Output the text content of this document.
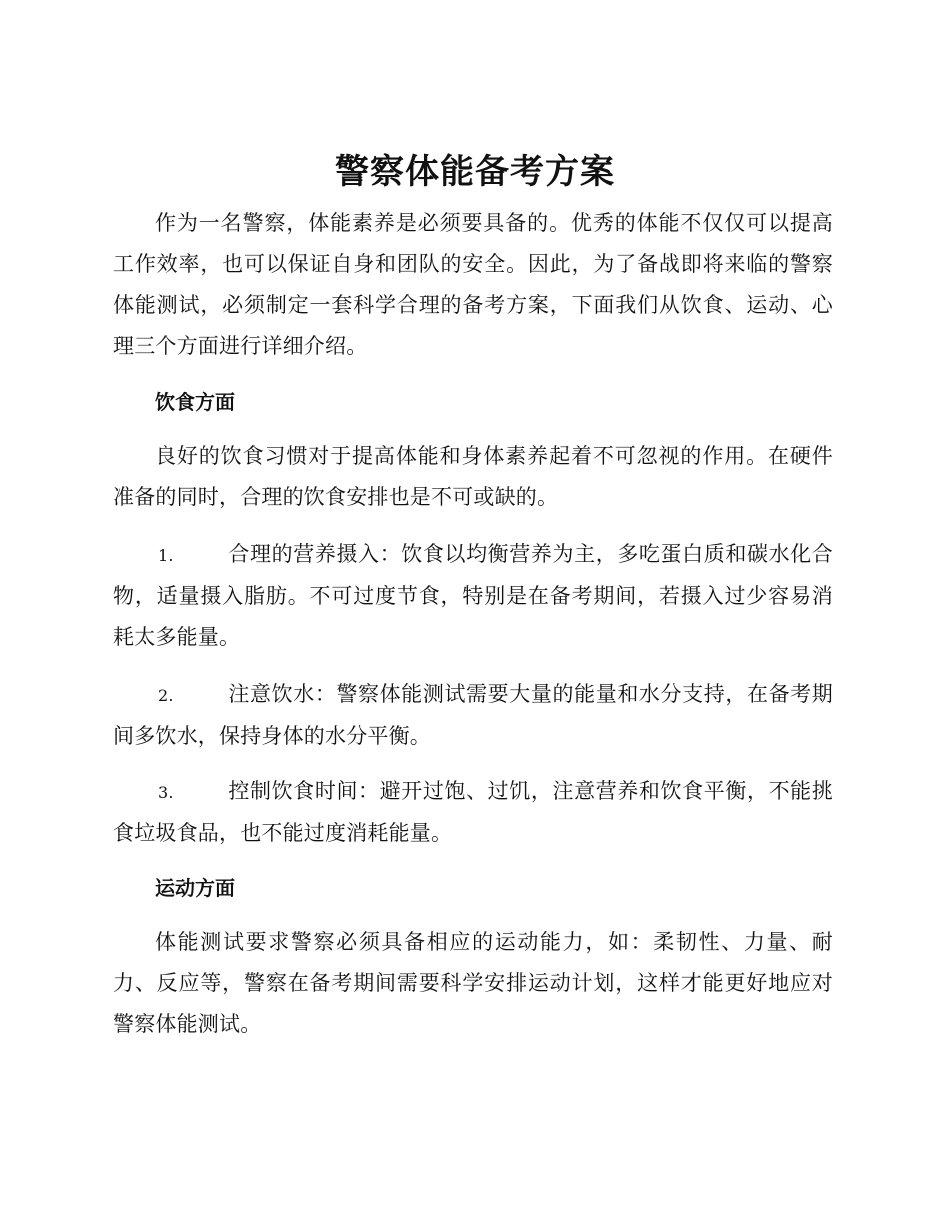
警察体能备考方案

作为一名警察，体能素养是必须要具备的。优秀的体能不仅仅可以提高工作效率，也可以保证自身和团队的安全。因此，为了备战即将来临的警察体能测试，必须制定一套科学合理的备考方案，下面我们从饮食、运动、心理三个方面进行详细介绍。

饮食方面

良好的饮食习惯对于提高体能和身体素养起着不可忽视的作用。在硬件准备的同时，合理的饮食安排也是不可或缺的。

1.	合理的营养摄入：饮食以均衡营养为主，多吃蛋白质和碳水化合物，适量摄入脂肪。不可过度节食，特别是在备考期间，若摄入过少容易消耗太多能量。

2.	注意饮水：警察体能测试需要大量的能量和水分支持，在备考期间多饮水，保持身体的水分平衡。

3.	控制饮食时间：避开过饱、过饥，注意营养和饮食平衡，不能挑食垃圾食品，也不能过度消耗能量。

运动方面

体能测试要求警察必须具备相应的运动能力，如：柔韧性、力量、耐力、反应等，警察在备考期间需要科学安排运动计划，这样才能更好地应对警察体能测试。
